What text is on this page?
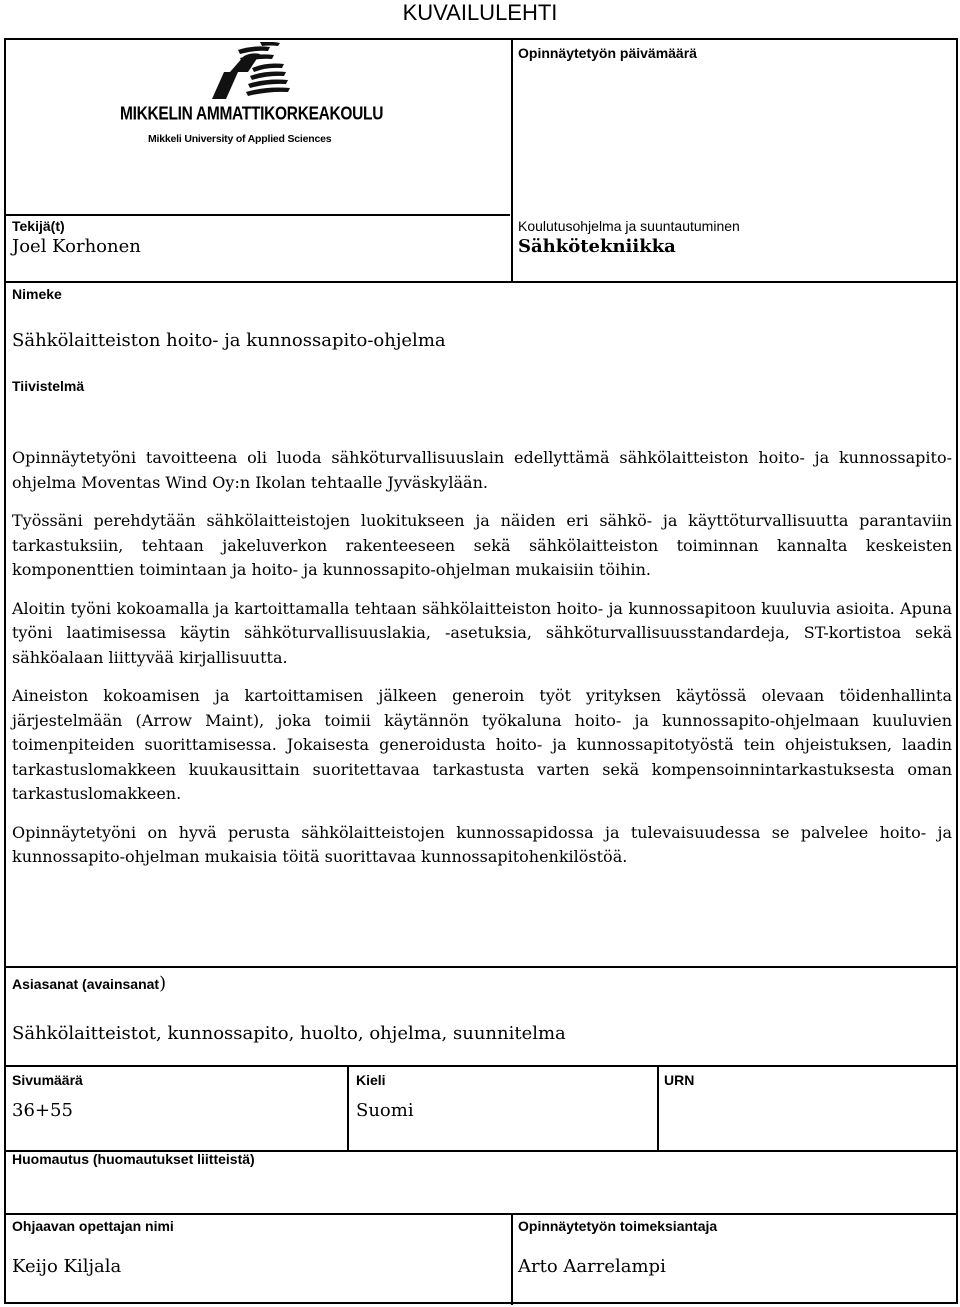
KUVAILULEHTI
MIKKELIN AMMATTIKORKEAKOULU
Mikkeli University of Applied Sciences
Opinnäytetyön päivämäärä
Tekijä(t)
Joel Korhonen
Koulutusohjelma ja suuntautuminen
Sähkötekniikka
Nimeke
Sähkölaitteiston hoito- ja kunnossapito-ohjelma
Tiivistelmä

Opinnäytetyöni tavoitteena oli luoda sähköturvallisuuslain edellyttämä sähkölaitteiston hoito- ja kunnossapito-ohjelma Moventas Wind Oy:n Ikolan tehtaalle Jyväskylään.

Työssäni perehdytään sähkölaitteistojen luokitukseen ja näiden eri sähkö- ja käyttöturvallisuutta parantaviin tarkastuksiin, tehtaan jakeluverkon rakenteeseen sekä sähkölaitteiston toiminnan kannalta keskeisten komponenttien toimintaan ja hoito- ja kunnossapito-ohjelman mukaisiin töihin.

Aloitin työni kokoamalla ja kartoittamalla tehtaan sähkölaitteiston hoito- ja kunnossapitoon kuuluvia asioita. Apuna työni laatimisessa käytin sähköturvallisuuslakia, -asetuksia, sähköturvallisuusstandardeja, ST-kortistoa sekä sähköalaan liittyvää kirjallisuutta.

Aineiston kokoamisen ja kartoittamisen jälkeen generoin työt yrityksen käytössä olevaan töidenhallinta järjestelmään (Arrow Maint), joka toimii käytännön työkaluna hoito- ja kunnossapito-ohjelmaan kuuluvien toimenpiteiden suorittamisessa. Jokaisesta generoidusta hoito- ja kunnossapitotyöstä tein ohjeistuksen, laadin tarkastuslomakkeen kuukausittain suoritettavaa tarkastusta varten sekä kompensoinnintarkastuksesta oman tarkastuslomakkeen.

Opinnäytetyöni on hyvä perusta sähkölaitteistojen kunnossapidossa ja tulevaisuudessa se palvelee hoito- ja kunnossapito-ohjelman mukaisia töitä suorittavaa kunnossapitohenkilöstöä.

Asiasanat (avainsanat)
Sähkölaitteistot, kunnossapito, huolto, ohjelma, suunnitelma
Sivumäärä
36+55
Kieli
Suomi
URN
Huomautus (huomautukset liitteistä)
Ohjaavan opettajan nimi
Keijo Kiljala
Opinnäytetyön toimeksiantaja
Arto Aarrelampi
